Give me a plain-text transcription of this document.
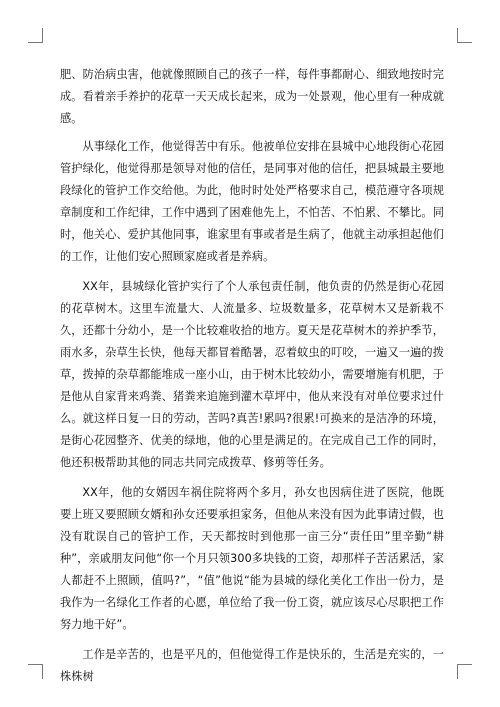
肥、防治病虫害，他就像照顾自己的孩子一样，每件事都耐心、细致地按时完成。看着亲手养护的花草一天天成长起来，成为一处景观，他心里有一种成就感。

从事绿化工作，他觉得苦中有乐。他被单位安排在县城中心地段街心花园管护绿化，他觉得那是领导对他的信任，是同事对他的信任，把县城最主要地段绿化的管护工作交给他。为此，他时时处处严格要求自己，模范遵守各项规章制度和工作纪律，工作中遇到了困难他先上，不怕苦、不怕累、不攀比。同时，他关心、爱护其他同事，谁家里有事或者是生病了，他就主动承担起他们的工作，让他们安心照顾家庭或者是养病。

XX年，县城绿化管护实行了个人承包责任制，他负责的仍然是街心花园的花草树木。这里车流量大、人流量多、垃圾数量多，花草树木又是新栽不久，还都十分幼小，是一个比较难收拾的地方。夏天是花草树木的养护季节，雨水多，杂草生长快，他每天都冒着酷暑，忍着蚊虫的叮咬，一遍又一遍的拨草，拨掉的杂草都能堆成一座小山，由于树木比较幼小，需要增施有机肥，于是他从自家背来鸡粪、猪粪来追施到灌木草坪中，他从来没有对单位要求过什么。就这样日复一日的劳动，苦吗?真苦!累吗?很累!可换来的是洁净的环境，是街心花园整齐、优美的绿地，他的心里是满足的。在完成自己工作的同时，他还积极帮助其他的同志共同完成拨草、修剪等任务。

XX年，他的女婿因车祸住院将两个多月，孙女也因病住进了医院，他既要上班又要照顾女婿和孙女还要承担家务，但他从来没有因为此事请过假，也没有耽误自己的管护工作，天天都按时到他那一亩三分“责任田”里辛勤“耕种”，亲戚朋友问他“你一个月只领300多块钱的工资，却那样子苦活累活，家人都赶不上照顾，值吗?”，“值”他说“能为县城的绿化美化工作出一份力，是我作为一名绿化工作者的心愿，单位给了我一份工资，就应该尽心尽职把工作努力地干好”。

工作是辛苦的，也是平凡的，但他觉得工作是快乐的，生活是充实的，一株株树
